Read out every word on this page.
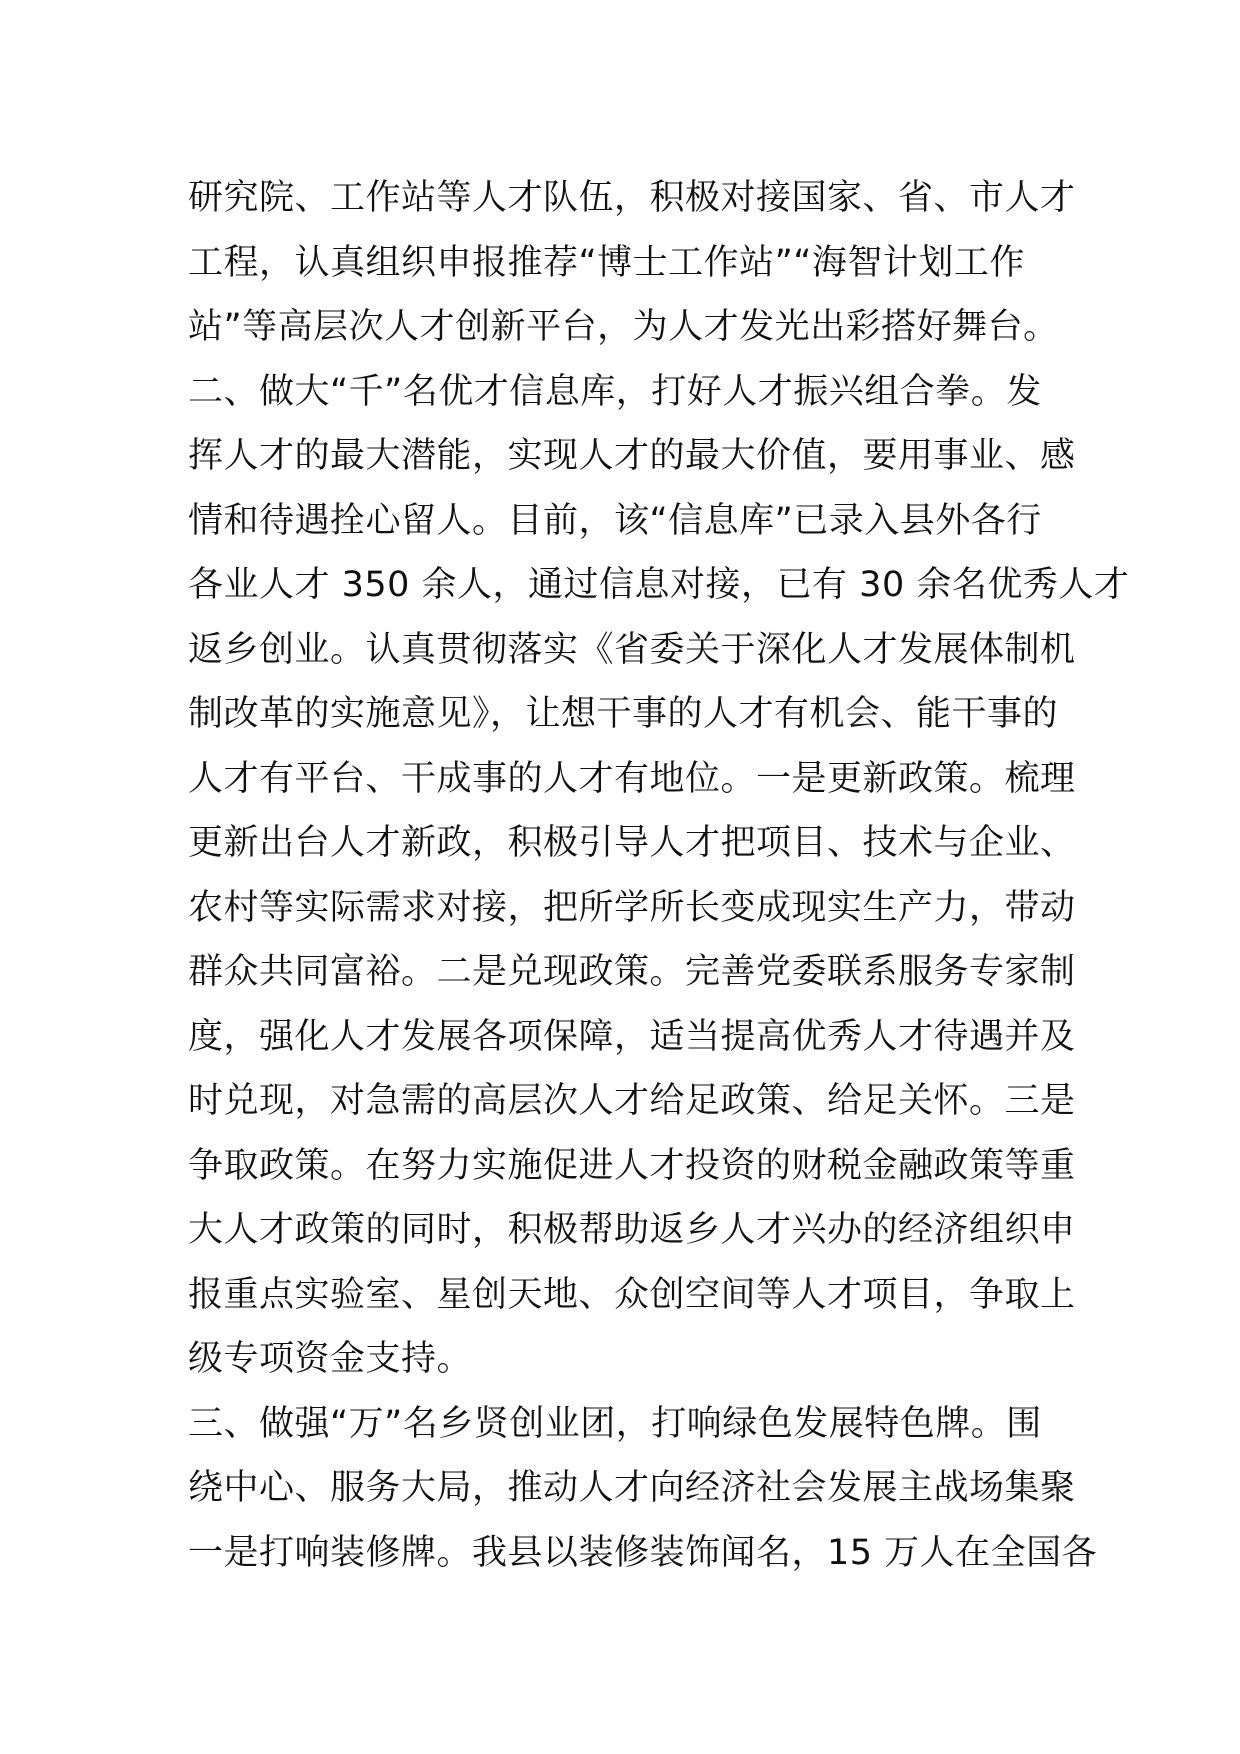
研究院、工作站等人才队伍，积极对接国家、省、市人才
工程，认真组织申报推荐“博士工作站”“海智计划工作
站”等高层次人才创新平台，为人才发光出彩搭好舞台。
二、做大“千”名优才信息库，打好人才振兴组合拳。发
挥人才的最大潜能，实现人才的最大价值，要用事业、感
情和待遇拴心留人。目前，该“信息库”已录入县外各行
各业人才 350 余人，通过信息对接，已有 30 余名优秀人才
返乡创业。认真贯彻落实《省委关于深化人才发展体制机
制改革的实施意见》，让想干事的人才有机会、能干事的
人才有平台、干成事的人才有地位。一是更新政策。梳理
更新出台人才新政，积极引导人才把项目、技术与企业、
农村等实际需求对接，把所学所长变成现实生产力，带动
群众共同富裕。二是兑现政策。完善党委联系服务专家制
度，强化人才发展各项保障，适当提高优秀人才待遇并及
时兑现，对急需的高层次人才给足政策、给足关怀。三是
争取政策。在努力实施促进人才投资的财税金融政策等重
大人才政策的同时，积极帮助返乡人才兴办的经济组织申
报重点实验室、星创天地、众创空间等人才项目，争取上
级专项资金支持。
三、做强“万”名乡贤创业团，打响绿色发展特色牌。围
绕中心、服务大局，推动人才向经济社会发展主战场集聚
一是打响装修牌。我县以装修装饰闻名，15 万人在全国各
